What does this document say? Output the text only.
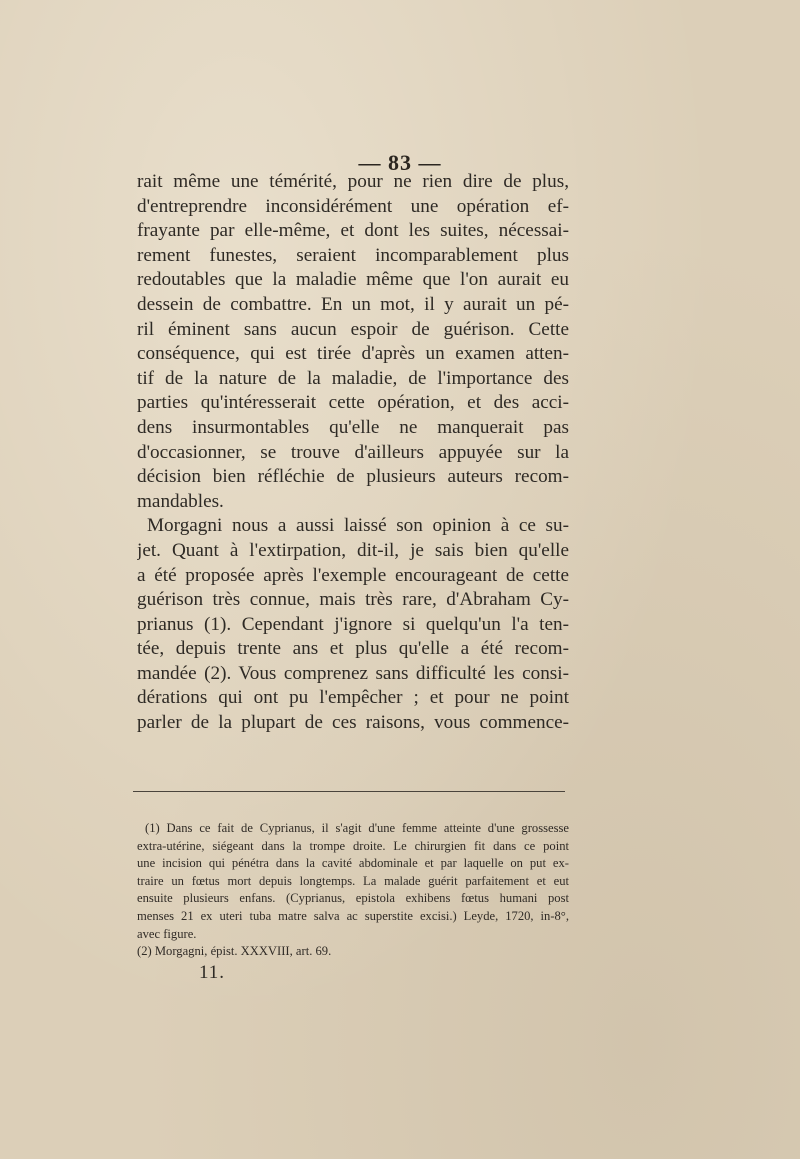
— 83 —
rait même une témérité, pour ne rien dire de plus,
d'entreprendre inconsidérément une opération ef-
frayante par elle-même, et dont les suites, nécessai-
rement funestes, seraient incomparablement plus
redoutables que la maladie même que l'on aurait eu
dessein de combattre. En un mot, il y aurait un pé-
ril éminent sans aucun espoir de guérison. Cette
conséquence, qui est tirée d'après un examen atten-
tif de la nature de la maladie, de l'importance des
parties qu'intéresserait cette opération, et des acci-
dens insurmontables qu'elle ne manquerait pas
d'occasionner, se trouve d'ailleurs appuyée sur la
décision bien réfléchie de plusieurs auteurs recom-
mandables.
Morgagni nous a aussi laissé son opinion à ce su-
jet. Quant à l'extirpation, dit-il, je sais bien qu'elle
a été proposée après l'exemple encourageant de cette
guérison très connue, mais très rare, d'Abraham Cy-
prianus (1). Cependant j'ignore si quelqu'un l'a ten-
tée, depuis trente ans et plus qu'elle a été recom-
mandée (2). Vous comprenez sans difficulté les consi-
dérations qui ont pu l'empêcher ; et pour ne point
parler de la plupart de ces raisons, vous commence-
(1) Dans ce fait de Cyprianus, il s'agit d'une femme atteinte d'une grossesse
extra-utérine, siégeant dans la trompe droite. Le chirurgien fit dans ce point
une incision qui pénétra dans la cavité abdominale et par laquelle on put ex-
traire un fœtus mort depuis longtemps. La malade guérit parfaitement et eut
ensuite plusieurs enfans. (Cyprianus, epistola exhibens fœtus humani post
menses 21 ex uteri tuba matre salva ac superstite excisi.) Leyde, 1720, in-8°,
avec figure.
(2) Morgagni, épist. XXXVIII, art. 69.
11.
